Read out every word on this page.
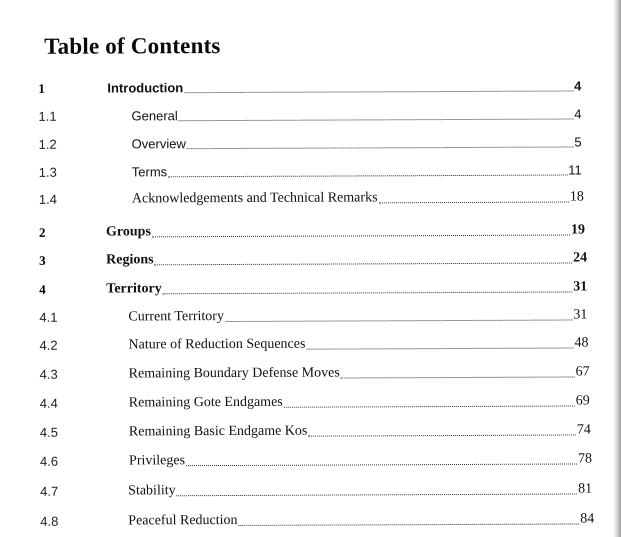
Table of Contents
1	Introduction	4
1.1	General	4
1.2	Overview	5
1.3	Terms	11
1.4	Acknowledgements and Technical Remarks	18
2	Groups	19
3	Regions	24
4	Territory	31
4.1	Current Territory	31
4.2	Nature of Reduction Sequences	48
4.3	Remaining Boundary Defense Moves	67
4.4	Remaining Gote Endgames	69
4.5	Remaining Basic Endgame Kos	74
4.6	Privileges	78
4.7	Stability	81
4.8	Peaceful Reduction	84
